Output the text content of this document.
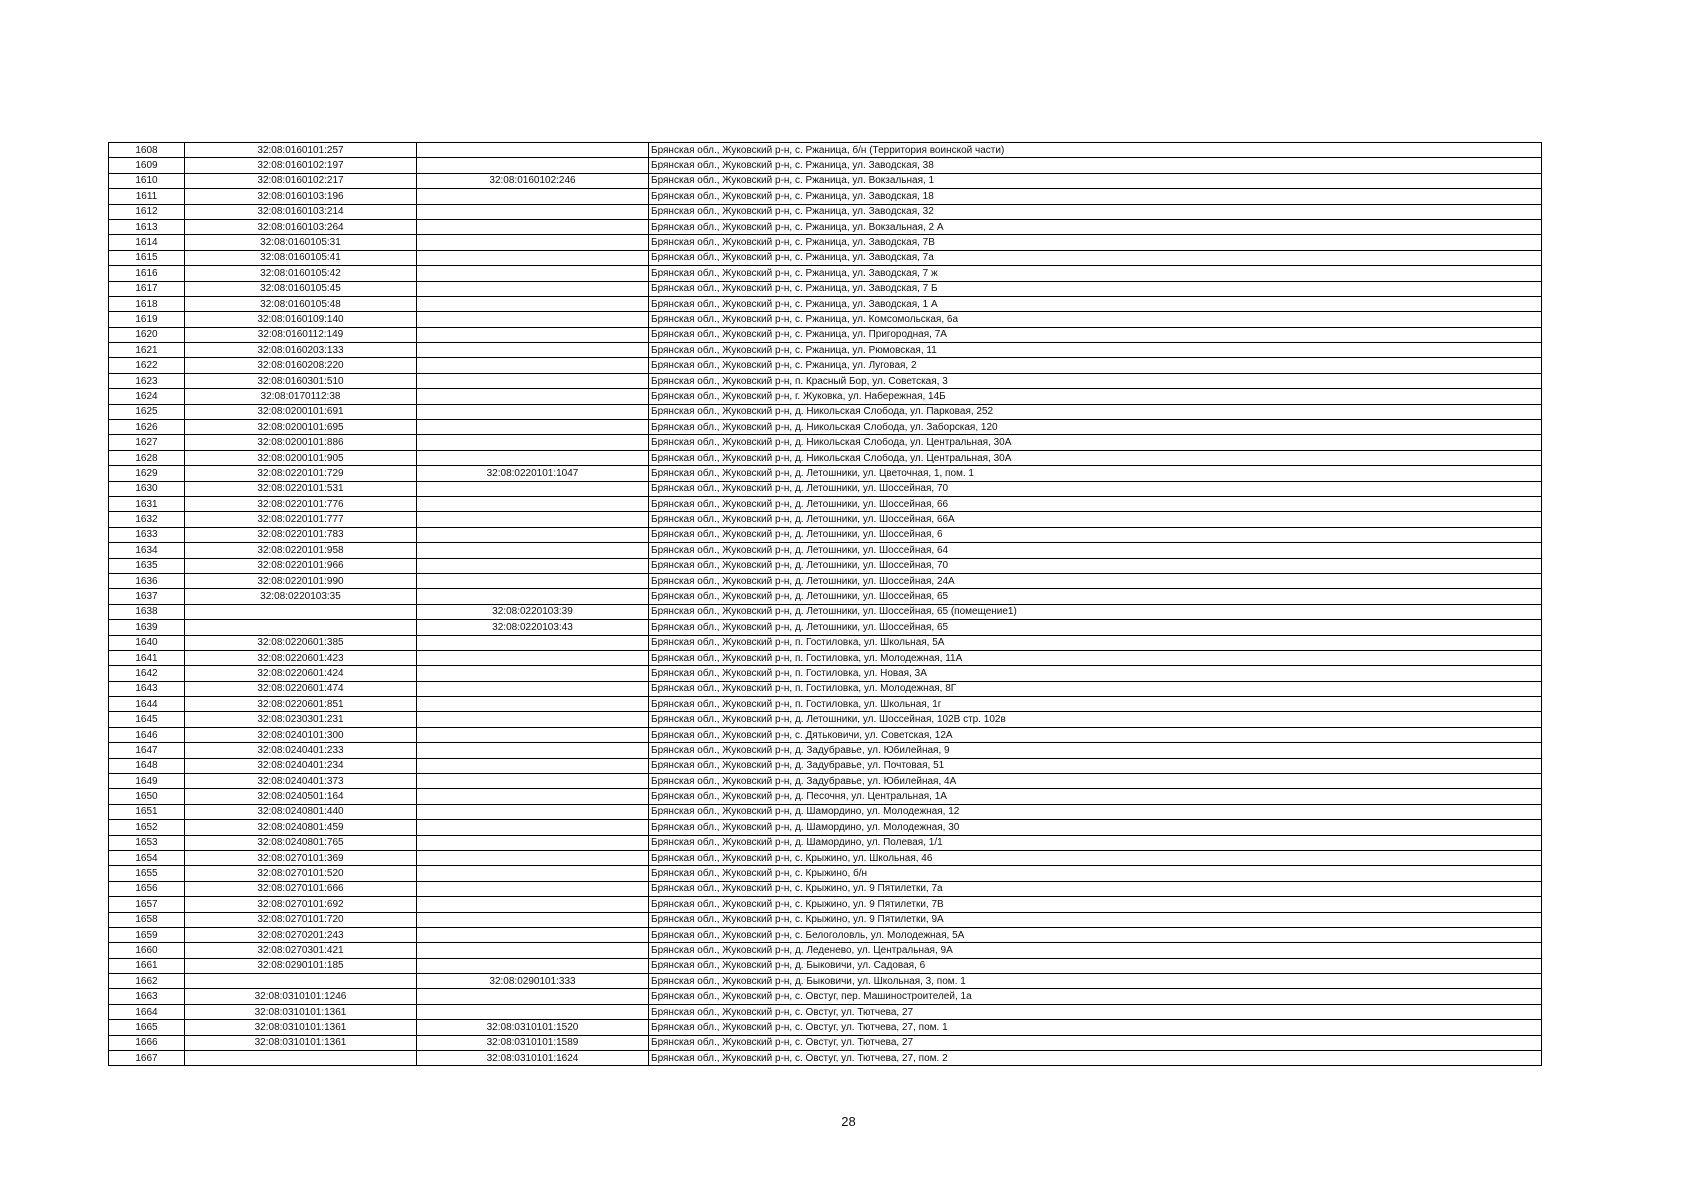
1608	32:08:0160101:257		Брянская обл., Жуковский р-н, с. Ржаница, б/н (Территория воинской части)
1609	32:08:0160102:197		Брянская обл., Жуковский р-н, с. Ржаница, ул. Заводская, 38
1610	32:08:0160102:217	32:08:0160102:246	Брянская обл., Жуковский р-н, с. Ржаница, ул. Вокзальная, 1
1611	32:08:0160103:196		Брянская обл., Жуковский р-н, с. Ржаница, ул. Заводская, 18
1612	32:08:0160103:214		Брянская обл., Жуковский р-н, с. Ржаница, ул. Заводская, 32
1613	32:08:0160103:264		Брянская обл., Жуковский р-н, с. Ржаница, ул. Вокзальная, 2 А
1614	32:08:0160105:31		Брянская обл., Жуковский р-н, с. Ржаница, ул. Заводская, 7В
1615	32:08:0160105:41		Брянская обл., Жуковский р-н, с. Ржаница, ул. Заводская, 7а
1616	32:08:0160105:42		Брянская обл., Жуковский р-н, с. Ржаница, ул. Заводская, 7 ж
1617	32:08:0160105:45		Брянская обл., Жуковский р-н, с. Ржаница, ул. Заводская, 7 Б
1618	32:08:0160105:48		Брянская обл., Жуковский р-н, с. Ржаница, ул. Заводская, 1 А
1619	32:08:0160109:140		Брянская обл., Жуковский р-н, с. Ржаница, ул. Комсомольская, 6а
1620	32:08:0160112:149		Брянская обл., Жуковский р-н, с. Ржаница, ул. Пригородная, 7А
1621	32:08:0160203:133		Брянская обл., Жуковский р-н, с. Ржаница, ул. Рюмовская, 11
1622	32:08:0160208:220		Брянская обл., Жуковский р-н, с. Ржаница, ул. Луговая, 2
1623	32:08:0160301:510		Брянская обл., Жуковский р-н, п. Красный Бор, ул. Советская, 3
1624	32:08:0170112:38		Брянская обл., Жуковский р-н, г. Жуковка, ул. Набережная, 14Б
1625	32:08:0200101:691		Брянская обл., Жуковский р-н, д. Никольская Слобода, ул. Парковая, 252
1626	32:08:0200101:695		Брянская обл., Жуковский р-н, д. Никольская Слобода, ул. Заборская, 120
1627	32:08:0200101:886		Брянская обл., Жуковский р-н, д. Никольская Слобода, ул. Центральная, 30А
1628	32:08:0200101:905		Брянская обл., Жуковский р-н, д. Никольская Слобода, ул. Центральная, 30А
1629	32:08:0220101:729	32:08:0220101:1047	Брянская обл., Жуковский р-н, д. Летошники, ул. Цветочная, 1, пом. 1
1630	32:08:0220101:531		Брянская обл., Жуковский р-н, д. Летошники, ул. Шоссейная, 70
1631	32:08:0220101:776		Брянская обл., Жуковский р-н, д. Летошники, ул. Шоссейная, 66
1632	32:08:0220101:777		Брянская обл., Жуковский р-н, д. Летошники, ул. Шоссейная, 66А
1633	32:08:0220101:783		Брянская обл., Жуковский р-н, д. Летошники, ул. Шоссейная, 6
1634	32:08:0220101:958		Брянская обл., Жуковский р-н, д. Летошники, ул. Шоссейная, 64
1635	32:08:0220101:966		Брянская обл., Жуковский р-н, д. Летошники, ул. Шоссейная, 70
1636	32:08:0220101:990		Брянская обл., Жуковский р-н, д. Летошники, ул. Шоссейная, 24А
1637	32:08:0220103:35		Брянская обл., Жуковский р-н, д. Летошники, ул. Шоссейная, 65
1638		32:08:0220103:39	Брянская обл., Жуковский р-н, д. Летошники, ул. Шоссейная, 65 (помещение1)
1639		32:08:0220103:43	Брянская обл., Жуковский р-н, д. Летошники, ул. Шоссейная, 65
1640	32:08:0220601:385		Брянская обл., Жуковский р-н, п. Гостиловка, ул. Школьная, 5А
1641	32:08:0220601:423		Брянская обл., Жуковский р-н, п. Гостиловка, ул. Молодежная, 11А
1642	32:08:0220601:424		Брянская обл., Жуковский р-н, п. Гостиловка, ул. Новая, 3А
1643	32:08:0220601:474		Брянская обл., Жуковский р-н, п. Гостиловка, ул. Молодежная, 8Г
1644	32:08:0220601:851		Брянская обл., Жуковский р-н, п. Гостиловка, ул. Школьная, 1г
1645	32:08:0230301:231		Брянская обл., Жуковский р-н, д. Летошники, ул. Шоссейная, 102В стр. 102в
1646	32:08:0240101:300		Брянская обл., Жуковский р-н, с. Дятьковичи, ул. Советская, 12А
1647	32:08:0240401:233		Брянская обл., Жуковский р-н, д. Задубравье, ул. Юбилейная, 9
1648	32:08:0240401:234		Брянская обл., Жуковский р-н, д. Задубравье, ул. Почтовая, 51
1649	32:08:0240401:373		Брянская обл., Жуковский р-н, д. Задубравье, ул. Юбилейная, 4А
1650	32:08:0240501:164		Брянская обл., Жуковский р-н, д. Песочня, ул. Центральная, 1А
1651	32:08:0240801:440		Брянская обл., Жуковский р-н, д. Шамордино, ул. Молодежная, 12
1652	32:08:0240801:459		Брянская обл., Жуковский р-н, д. Шамордино, ул. Молодежная, 30
1653	32:08:0240801:765		Брянская обл., Жуковский р-н, д. Шамордино, ул. Полевая, 1/1
1654	32:08:0270101:369		Брянская обл., Жуковский р-н, с. Крыжино, ул. Школьная, 46
1655	32:08:0270101:520		Брянская обл., Жуковский р-н, с. Крыжино, б/н
1656	32:08:0270101:666		Брянская обл., Жуковский р-н, с. Крыжино, ул. 9 Пятилетки, 7а
1657	32:08:0270101:692		Брянская обл., Жуковский р-н, с. Крыжино, ул. 9 Пятилетки, 7В
1658	32:08:0270101:720		Брянская обл., Жуковский р-н, с. Крыжино, ул. 9 Пятилетки, 9А
1659	32:08:0270201:243		Брянская обл., Жуковский р-н, с. Белоголовль, ул. Молодежная, 5А
1660	32:08:0270301:421		Брянская обл., Жуковский р-н, д. Леденево, ул. Центральная, 9А
1661	32:08:0290101:185		Брянская обл., Жуковский р-н, д. Быковичи, ул. Садовая, 6
1662		32:08:0290101:333	Брянская обл., Жуковский р-н, д. Быковичи, ул. Школьная, 3, пом. 1
1663	32:08:0310101:1246		Брянская обл., Жуковский р-н, с. Овстуг, пер. Машиностроителей, 1а
1664	32:08:0310101:1361		Брянская обл., Жуковский р-н, с. Овстуг, ул. Тютчева, 27
1665	32:08:0310101:1361	32:08:0310101:1520	Брянская обл., Жуковский р-н, с. Овстуг, ул. Тютчева, 27, пом. 1
1666	32:08:0310101:1361	32:08:0310101:1589	Брянская обл., Жуковский р-н, с. Овстуг, ул. Тютчева, 27
1667		32:08:0310101:1624	Брянская обл., Жуковский р-н, с. Овстуг, ул. Тютчева, 27, пом. 2
28
